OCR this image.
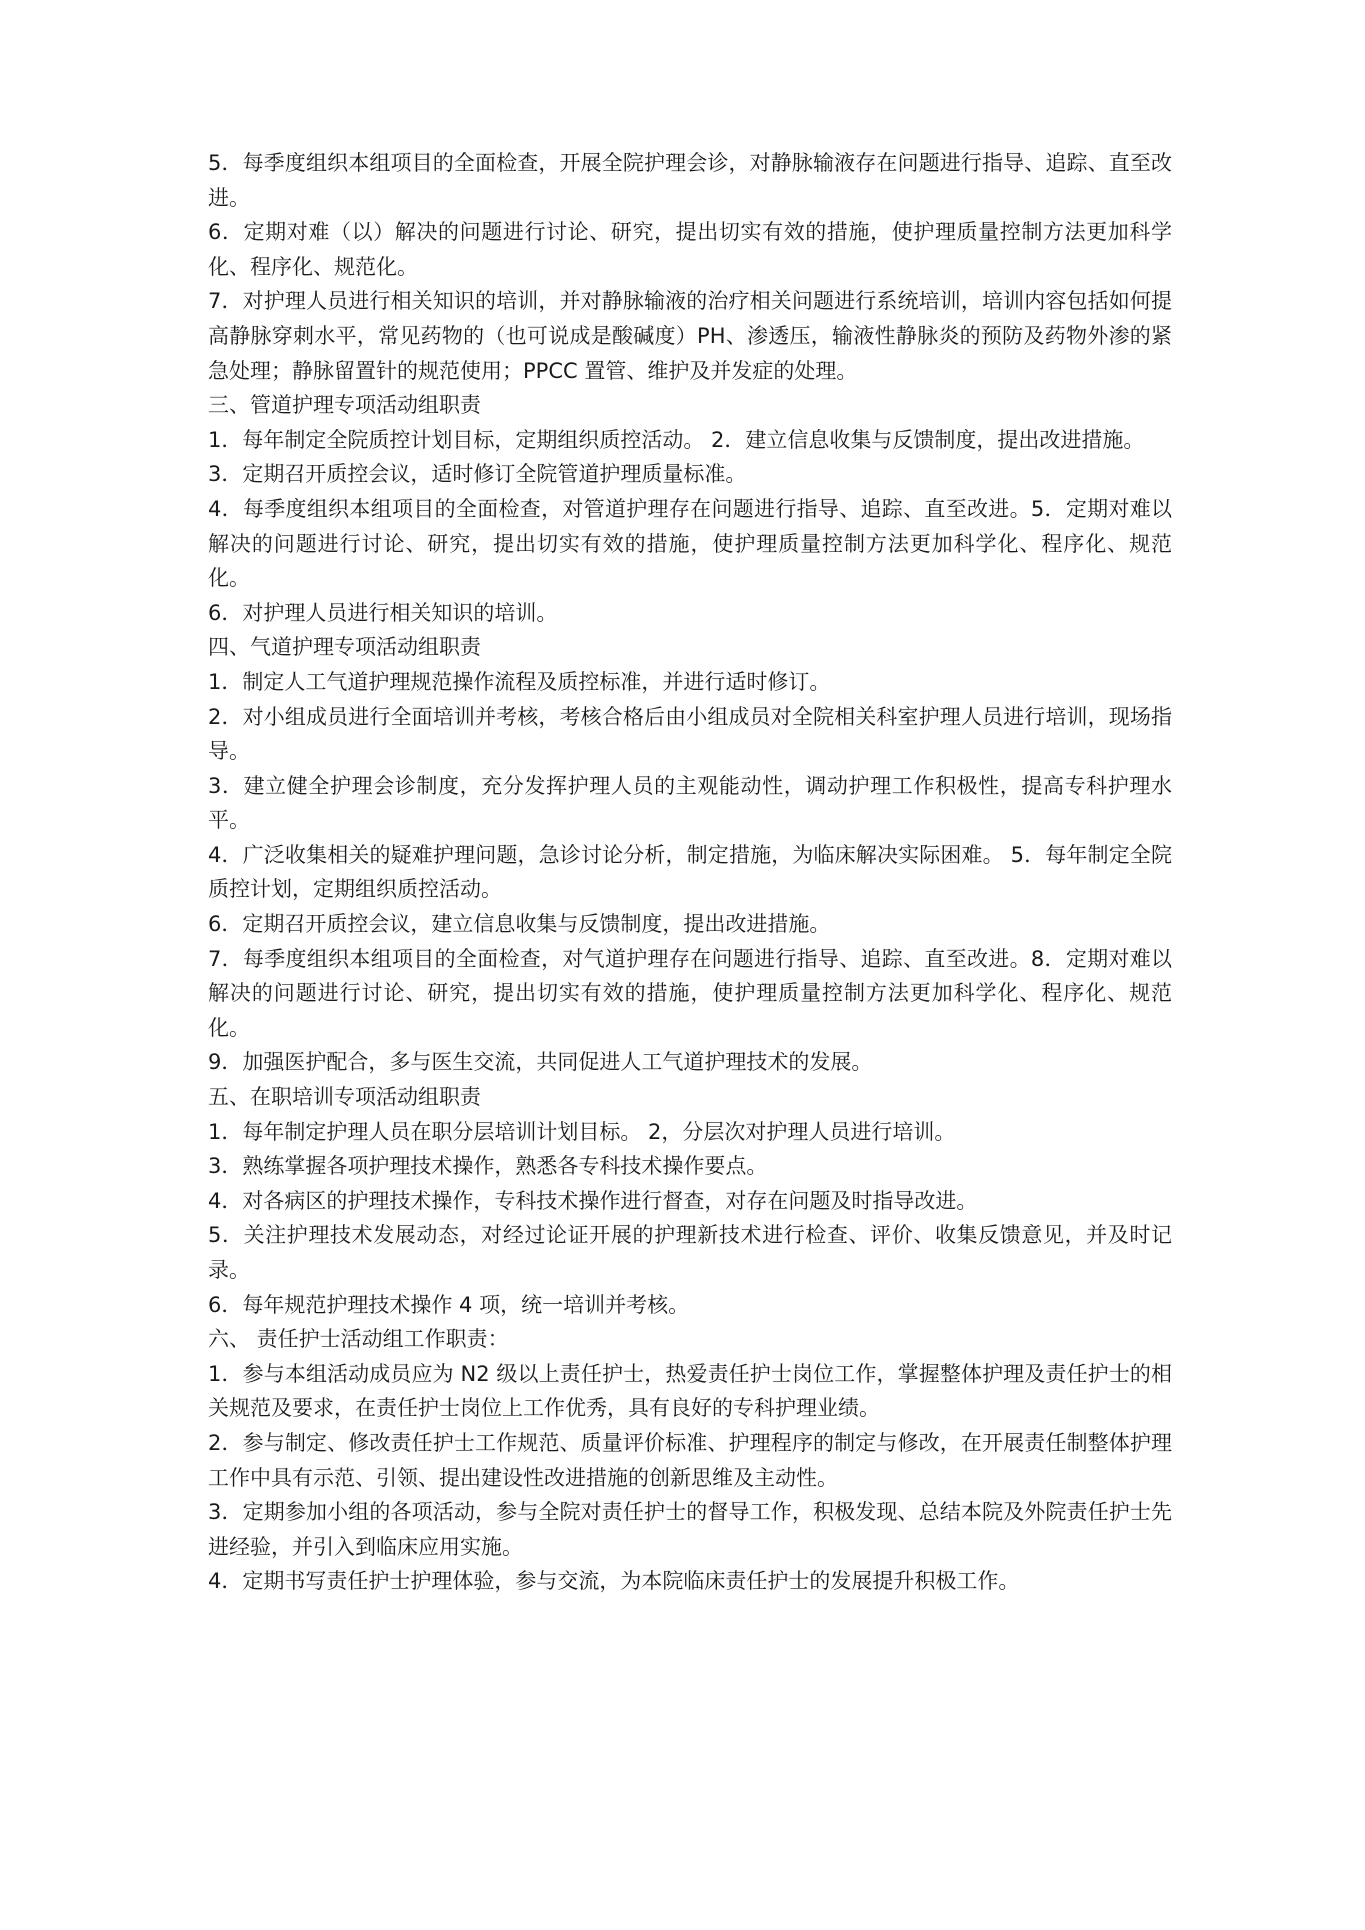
5．每季度组织本组项目的全面检查，开展全院护理会诊，对静脉输液存在问题进行指导、追踪、直至改进。

6．定期对难（以）解决的问题进行讨论、研究，提出切实有效的措施，使护理质量控制方法更加科学化、程序化、规范化。

7．对护理人员进行相关知识的培训，并对静脉输液的治疗相关问题进行系统培训，培训内容包括如何提高静脉穿刺水平，常见药物的（也可说成是酸碱度）PH、渗透压，输液性静脉炎的预防及药物外渗的紧急处理；静脉留置针的规范使用；PPCC 置管、维护及并发症的处理。

三、管道护理专项活动组职责

1．每年制定全院质控计划目标，定期组织质控活动。 2．建立信息收集与反馈制度，提出改进措施。

3．定期召开质控会议，适时修订全院管道护理质量标准。

4．每季度组织本组项目的全面检查，对管道护理存在问题进行指导、追踪、直至改进。5．定期对难以解决的问题进行讨论、研究，提出切实有效的措施，使护理质量控制方法更加科学化、程序化、规范化。

6．对护理人员进行相关知识的培训。

四、气道护理专项活动组职责

1．制定人工气道护理规范操作流程及质控标准，并进行适时修订。

2．对小组成员进行全面培训并考核，考核合格后由小组成员对全院相关科室护理人员进行培训，现场指导。

3．建立健全护理会诊制度，充分发挥护理人员的主观能动性，调动护理工作积极性，提高专科护理水平。

4．广泛收集相关的疑难护理问题，急诊讨论分析，制定措施，为临床解决实际困难。 5．每年制定全院质控计划，定期组织质控活动。

6．定期召开质控会议，建立信息收集与反馈制度，提出改进措施。

7．每季度组织本组项目的全面检查，对气道护理存在问题进行指导、追踪、直至改进。8．定期对难以解决的问题进行讨论、研究，提出切实有效的措施，使护理质量控制方法更加科学化、程序化、规范化。

9．加强医护配合，多与医生交流，共同促进人工气道护理技术的发展。

五、在职培训专项活动组职责

1．每年制定护理人员在职分层培训计划目标。 2，分层次对护理人员进行培训。

3．熟练掌握各项护理技术操作，熟悉各专科技术操作要点。

4．对各病区的护理技术操作，专科技术操作进行督查，对存在问题及时指导改进。

5．关注护理技术发展动态，对经过论证开展的护理新技术进行检查、评价、收集反馈意见，并及时记录。

6．每年规范护理技术操作 4 项，统一培训并考核。

六、 责任护士活动组工作职责：

1．参与本组活动成员应为 N2 级以上责任护士，热爱责任护士岗位工作，掌握整体护理及责任护士的相关规范及要求，在责任护士岗位上工作优秀，具有良好的专科护理业绩。

2．参与制定、修改责任护士工作规范、质量评价标准、护理程序的制定与修改，在开展责任制整体护理工作中具有示范、引领、提出建设性改进措施的创新思维及主动性。

3．定期参加小组的各项活动，参与全院对责任护士的督导工作，积极发现、总结本院及外院责任护士先进经验，并引入到临床应用实施。

4．定期书写责任护士护理体验，参与交流，为本院临床责任护士的发展提升积极工作。
